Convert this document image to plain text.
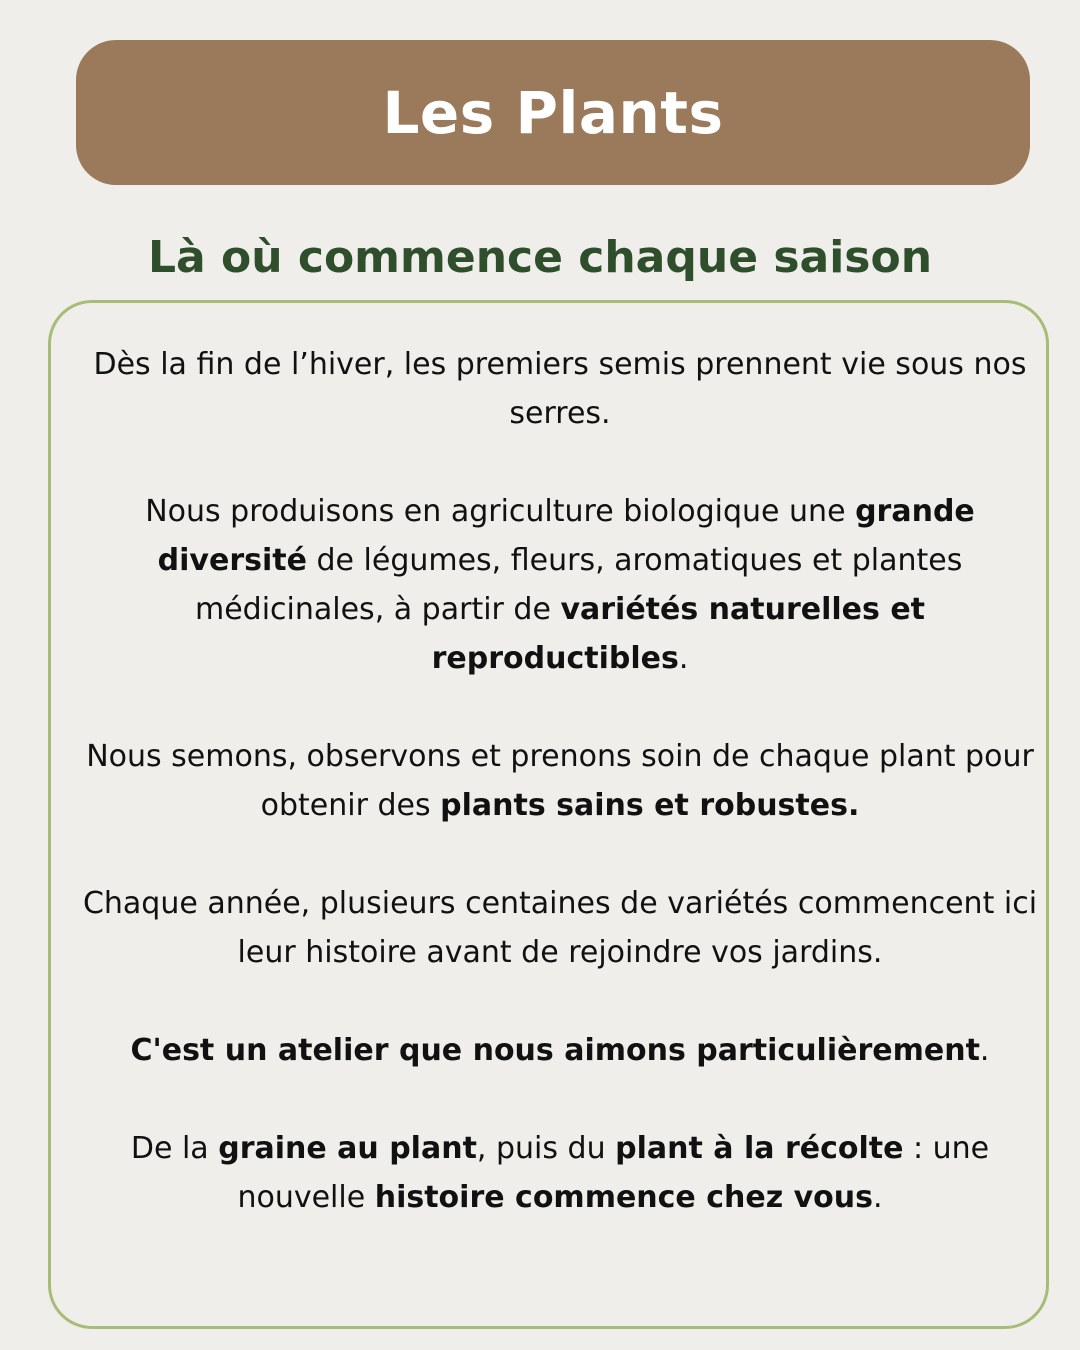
Les Plants
Là où commence chaque saison

Dès la fin de l’hiver, les premiers semis prennent vie sous nos serres.

Nous produisons en agriculture biologique une grande diversité de légumes, fleurs, aromatiques et plantes médicinales, à partir de variétés naturelles et reproductibles.

Nous semons, observons et prenons soin de chaque plant pour obtenir des plants sains et robustes.

Chaque année, plusieurs centaines de variétés commencent ici leur histoire avant de rejoindre vos jardins.

C'est un atelier que nous aimons particulièrement.

De la graine au plant, puis du plant à la récolte : une nouvelle histoire commence chez vous.
